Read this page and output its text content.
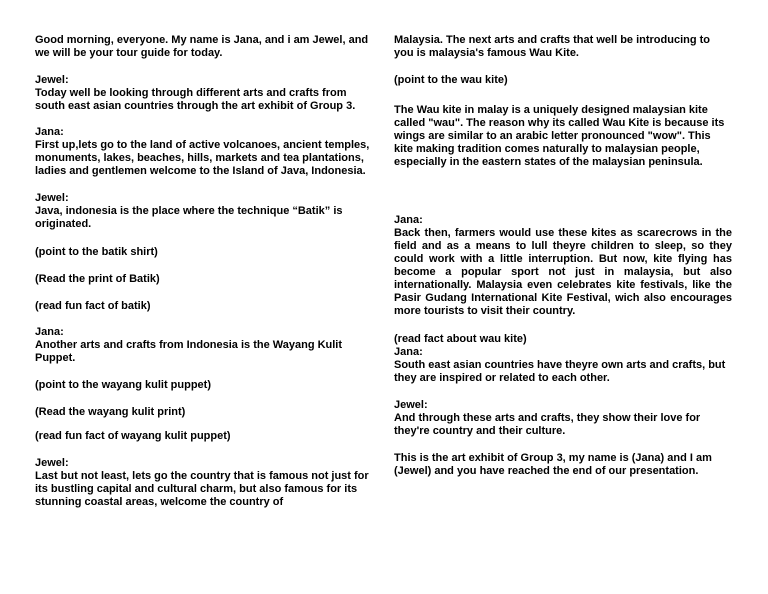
Good morning, everyone. My name is Jana, and i am Jewel, and we will be your tour guide for today.

Jewel:

Today well be looking through different arts and crafts from south east asian countries through the art exhibit of Group 3.

Jana:

First up,lets go to the land of active volcanoes, ancient temples, monuments, lakes, beaches, hills, markets and tea plantations, ladies and gentlemen welcome to the Island of Java, Indonesia.

Jewel:

Java, indonesia is the place where the technique “Batik” is originated.

(point to the batik shirt)

(Read the print of Batik)

(read fun fact of batik)

Jana:

Another arts and crafts from Indonesia is the Wayang Kulit Puppet.

(point to the wayang kulit puppet)

(Read the wayang kulit print)

(read fun fact of wayang kulit puppet)

Jewel:

Last but not least, lets go the country that is famous not just for its bustling capital and cultural charm, but also famous for its stunning coastal areas, welcome the country of

Malaysia. The next arts and crafts that well be introducing to you is malaysia's famous Wau Kite.

(point to the wau kite)

The Wau kite in malay is a uniquely designed malaysian kite called "wau". The reason why its called Wau Kite is because its wings are similar to an arabic letter pronounced "wow". This kite making tradition comes naturally to malaysian people, especially in the eastern states of the malaysian peninsula.

Jana:

Back then, farmers would use these kites as scarecrows in the field and as a means to lull theyre children to sleep, so they could work with a little interruption. But now, kite flying has become a popular sport not just in malaysia, but also internationally. Malaysia even celebrates kite festivals, like the Pasir Gudang International Kite Festival, wich also encourages more tourists to visit their country.

(read fact about wau kite)

Jana:

South east asian countries have theyre own arts and crafts, but they are inspired or related to each other.

Jewel:

And through these arts and crafts, they show their love for they're country and their culture.

This is the art exhibit of Group 3, my name is (Jana) and I am (Jewel) and you have reached the end of our presentation.
